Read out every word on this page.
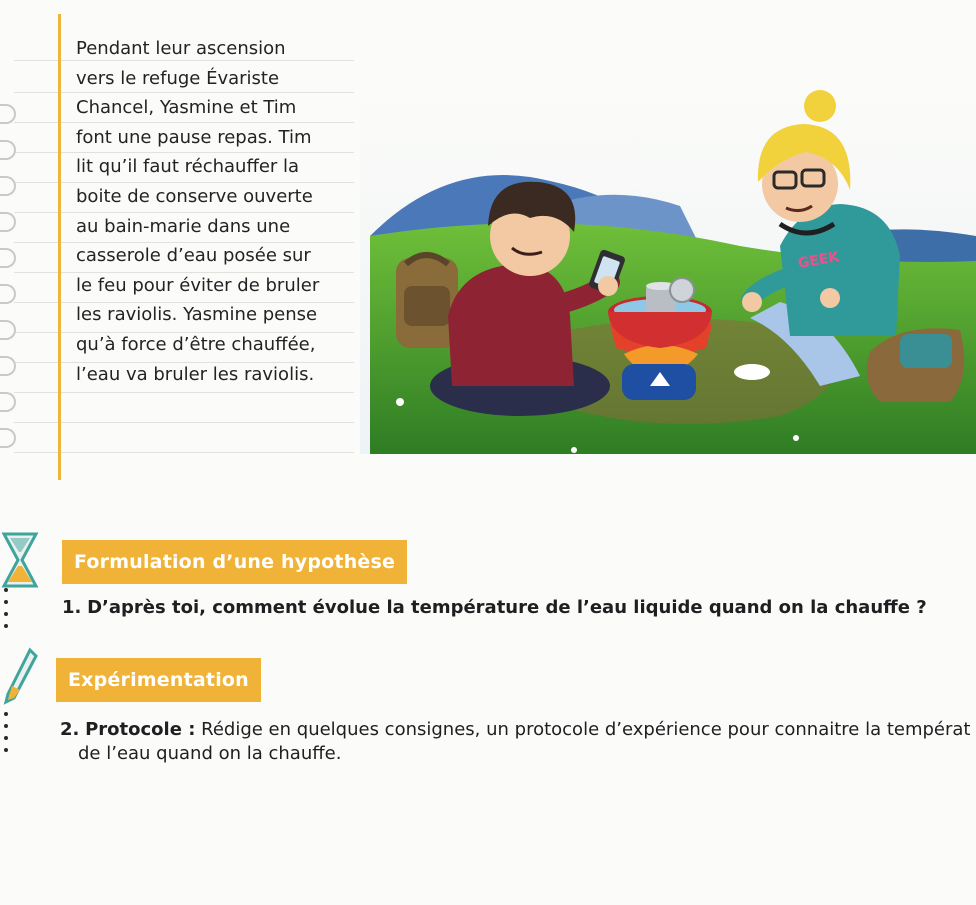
Pendant leur ascension
vers le refuge Évariste
Chancel, Yasmine et Tim
font une pause repas. Tim
lit qu’il faut réchauffer la
boite de conserve ouverte
au bain-marie dans une
casserole d’eau posée sur
le feu pour éviter de bruler
les raviolis. Yasmine pense
qu’à force d’être chauffée,
l’eau va bruler les raviolis.
GEEK
Formulation d’une hypothèse

1. D’après toi, comment évolue la température de l’eau liquide quand on la chauffe ?

Expérimentation

2. Protocole : Rédige en quelques consignes, un protocole d’expérience pour connaitre la températ

de l’eau quand on la chauffe.
